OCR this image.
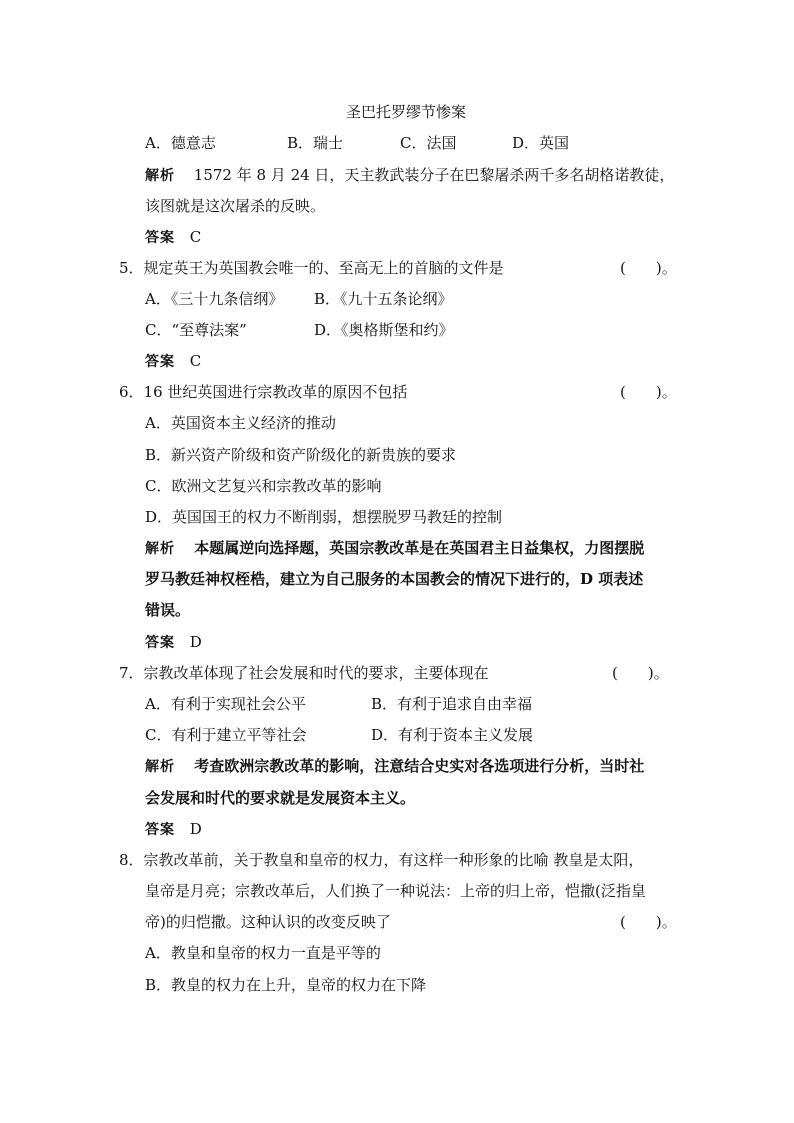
圣巴托罗缪节惨案
A．德意志	B．瑞士	C．法国	D．英国
解析 1572 年 8 月 24 日，天主教武装分子在巴黎屠杀两千多名胡格诺教徒，
该图就是这次屠杀的反映。
答案 C
5．规定英王为英国教会唯一的、至高无上的首脑的文件是	(　　)。
A．《三十九条信纲》 B．《九十五条论纲》
C．“至尊法案”	D．《奥格斯堡和约》
答案 C
6．16 世纪英国进行宗教改革的原因不包括	(　　)。
A．英国资本主义经济的推动
B．新兴资产阶级和资产阶级化的新贵族的要求
C．欧洲文艺复兴和宗教改革的影响
D．英国国王的权力不断削弱，想摆脱罗马教廷的控制
解析 本题属逆向选择题，英国宗教改革是在英国君主日益集权，力图摆脱
罗马教廷神权桎梏，建立为自己服务的本国教会的情况下进行的，D 项表述
错误。
答案 D
7．宗教改革体现了社会发展和时代的要求，主要体现在	(　　)。
A．有利于实现社会公平	B．有利于追求自由幸福
C．有利于建立平等社会	D．有利于资本主义发展
解析 考查欧洲宗教改革的影响，注意结合史实对各选项进行分析，当时社
会发展和时代的要求就是发展资本主义。
答案 D
8．宗教改革前，关于教皇和皇帝的权力，有这样一种形象的比喻 教皇是太阳，
皇帝是月亮；宗教改革后，人们换了一种说法：上帝的归上帝，恺撒(泛指皇
帝)的归恺撒。这种认识的改变反映了	(　　)。
A．教皇和皇帝的权力一直是平等的
B．教皇的权力在上升，皇帝的权力在下降
